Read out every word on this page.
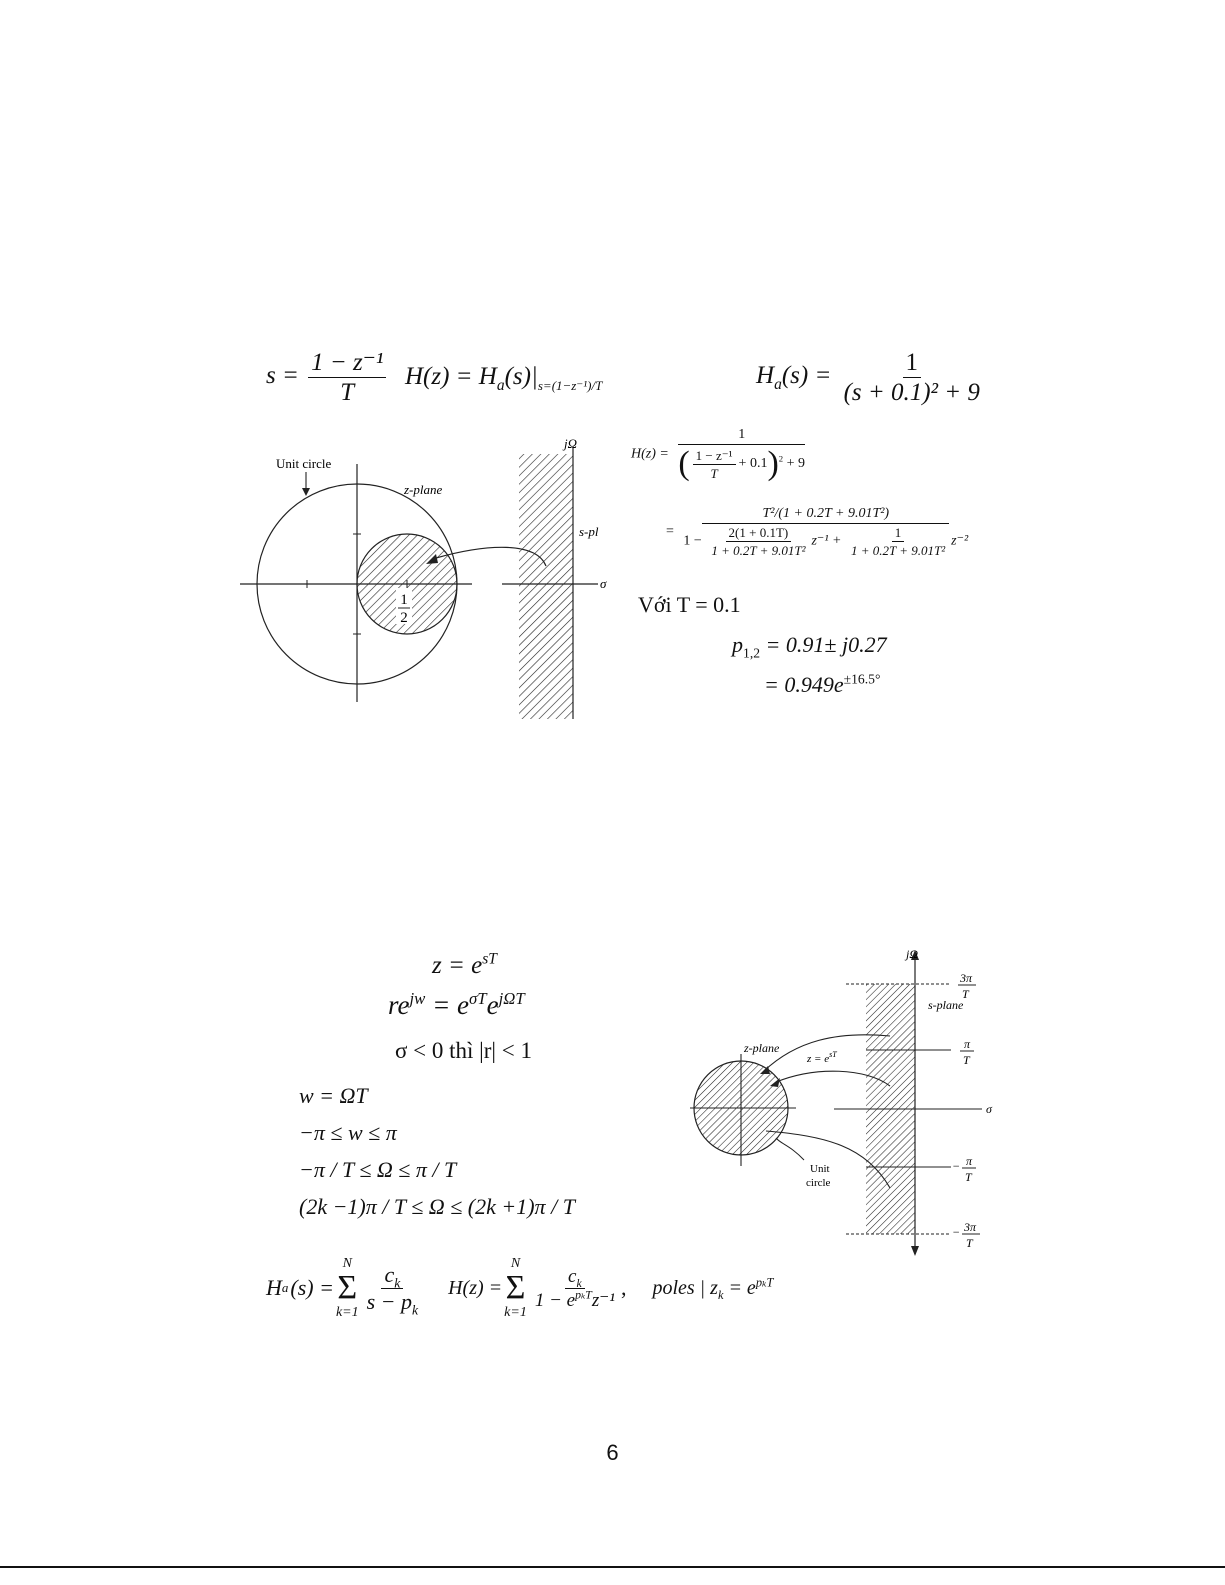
$s = \frac{\text{1 − z⁻¹}}{T} H(z) = H_a(s)|_{s=(1-z^{-1})/T}$	$H_a(s) = \frac{1}{\text{(s + 0.1)² + 9}}$
1
2
Unit circle
z-plane
jΩ
s-pl
σ
$H(z) = \frac{1}{( \frac{\text{1 − z⁻¹}}{T} + 0.1)^2 + 9}$
=
T²/(1 + 0.2T + 9.01T²)
$1 - \frac{2(1 + 0.1T)}{\text{1 + 0.2T + 9.01T²}} z^{-1} + \frac{1}{\text{1 + 0.2T + 9.01T²}} z^{-2}$
Với T = 0.1
$p_{1,2} = 0.91\pm j0.27$
= $0.949e^{\pm 16.5^\circ}$
$z = e^{sT}$
$re^{jw} = e^{\sigma T}e^{j\Omega T}$
σ < 0 thì |r| < 1
w = ΩT
−π ≤ w ≤ π
−π / T ≤ Ω ≤ π / T
(2k −1)π / T ≤ Ω ≤ (2k +1)π / T
z-plane
$z = e^{sT}$
jΩ
σ
s-plane
3π
T
π
T
− π
T
− 3π
T
Unit
circle
H a (s) =
N
Σ
$k=1 \frac{c_k}{s - p_k} H(z)$ =
N
Σ
k=1
$\frac{c_k}{1 - e^{p_kT}z^{-1}}$ , poles | $z_k = e^{p_kT}$
6
